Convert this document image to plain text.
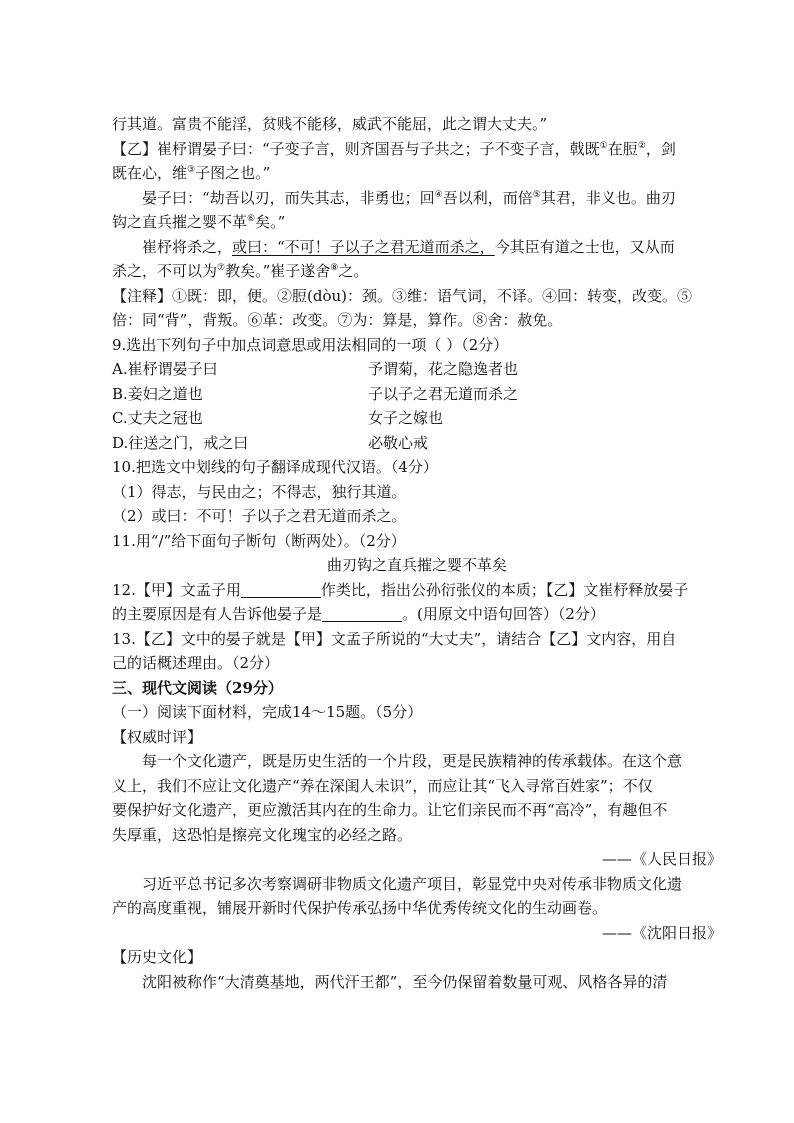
行其道。富贵不能淫，贫贱不能移，威武不能屈，此之谓大丈夫。”
【乙】崔杼谓晏子曰：“子变子言，则齐国吾与子共之；子不变子言，戟既①在脰②，剑
既在心，维③子图之也。”
晏子曰：“劫吾以刃，而失其志，非勇也；回④吾以利，而倍⑤其君，非义也。曲刃
钩之直兵摧之婴不革⑥矣。”
崔杼将杀之，或曰：“不可！子以子之君无道而杀之，今其臣有道之士也，又从而
杀之，不可以为⑦教矣。”崔子遂舍⑧之。
【注释】①既：即，便。②脰(dòu)：颈。③维：语气词，不译。④回：转变，改变。⑤
倍：同“背”，背叛。⑥革：改变。⑦为：算是，算作。⑧舍：赦免。
9.选出下列句子中加点词意思或用法相同的一项（ ）（2分）
A.崔杼谓晏子曰	予谓菊，花之隐逸者也
B.妾妇之道也	子以子之君无道而杀之
C.丈夫之冠也	女子之嫁也
D.往送之门，戒之曰	必敬心戒
10.把选文中划线的句子翻译成现代汉语。（4分）
（1）得志，与民由之；不得志，独行其道。
（2）或曰：不可！子以子之君无道而杀之。
11.用“/”给下面句子断句（断两处）。（2分）
曲刃钩之直兵摧之婴不革矣
12.【甲】文孟子用	作类比，指出公孙衍张仪的本质；【乙】文崔杼释放晏子
的主要原因是有人告诉他晏子是	。(用原文中语句回答）（2分）
13.【乙】文中的晏子就是【甲】文孟子所说的“大丈夫”，请结合【乙】文内容，用自
己的话概述理由。（2分）
三、现代文阅读（29分）
（一）阅读下面材料，完成14～15题。（5分）
【权威时评】
每一个文化遗产，既是历史生活的一个片段，更是民族精神的传承载体。在这个意
义上，我们不应让文化遗产“养在深闺人未识”，而应让其“飞入寻常百姓家”；不仅
要保护好文化遗产，更应激活其内在的生命力。让它们亲民而不再“高冷”，有趣但不
失厚重，这恐怕是擦亮文化瑰宝的必经之路。
——《人民日报》
习近平总书记多次考察调研非物质文化遗产项目，彰显党中央对传承非物质文化遗
产的高度重视，铺展开新时代保护传承弘扬中华优秀传统文化的生动画卷。
——《沈阳日报》
【历史文化】
沈阳被称作“大清奠基地，两代汗王都”，至今仍保留着数量可观、风格各异的清
